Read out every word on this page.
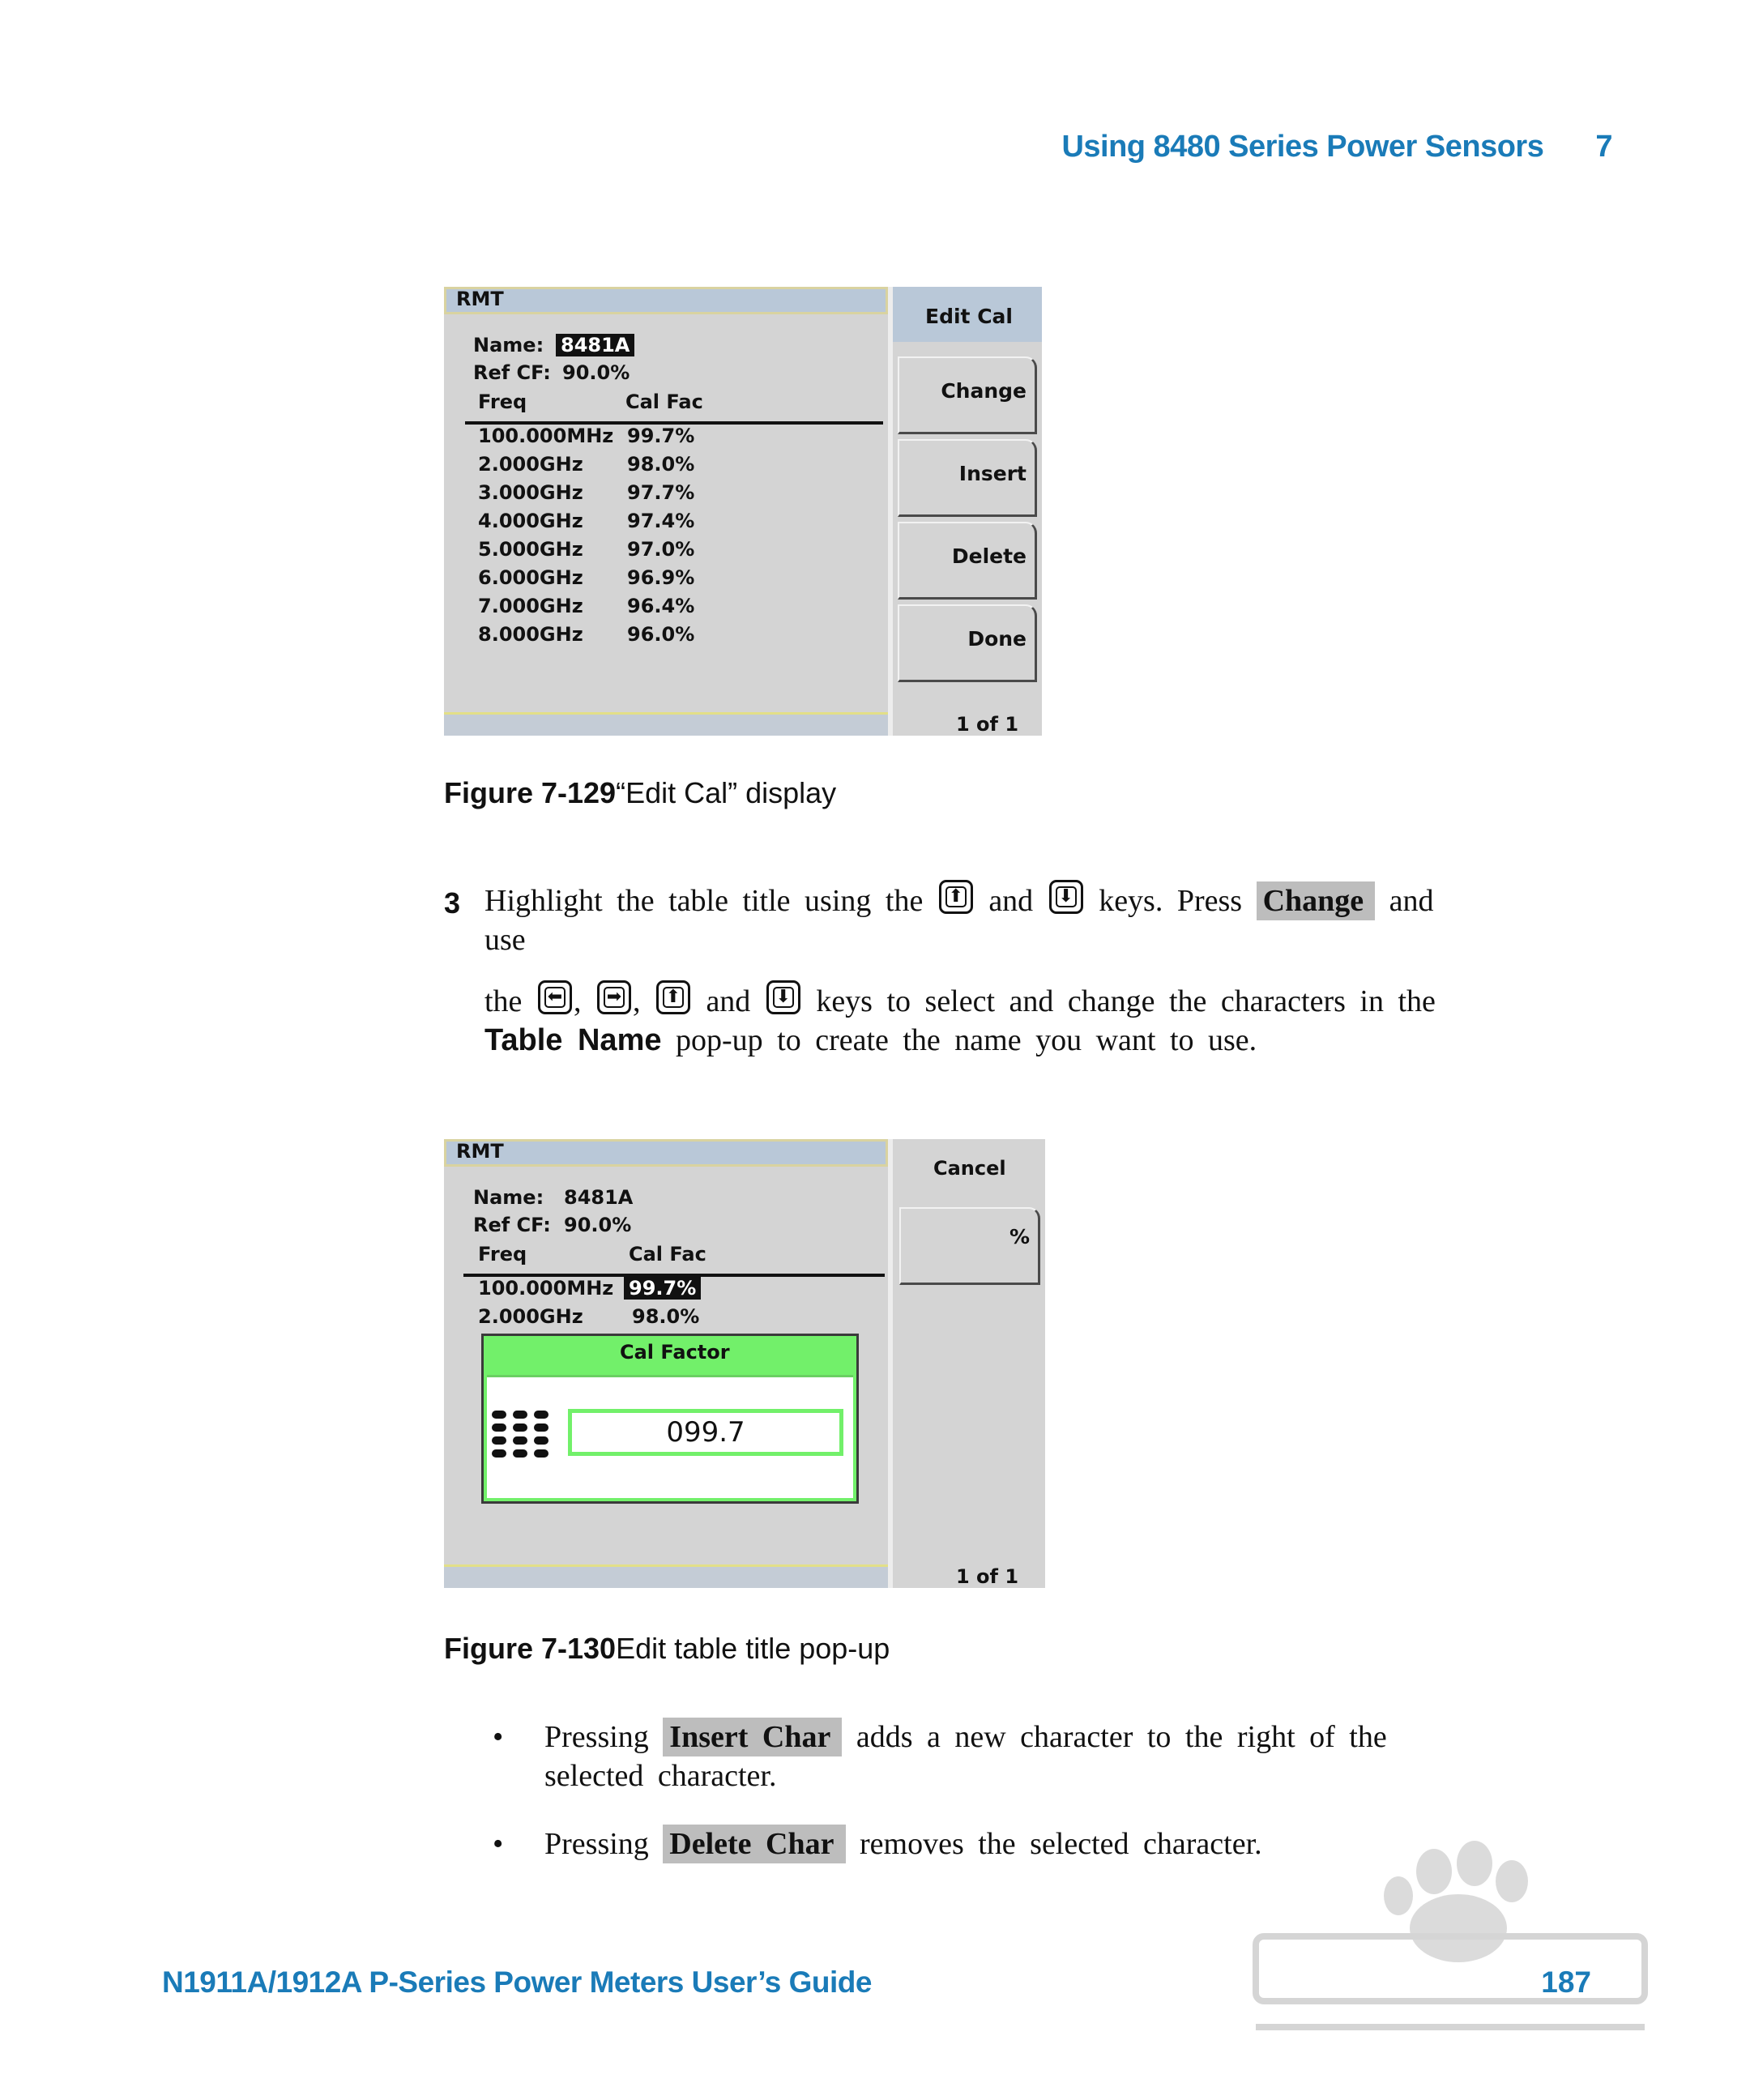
Using 8480 Series Power Sensors 7
RMT
Name: 8481A
Ref CF: 90.0%
Freq	Cal Fac
100.000MHz 99.7%
2.000GHz 98.0%
3.000GHz 97.7%
4.000GHz 97.4%
5.000GHz 97.0%
6.000GHz 96.9%
7.000GHz 96.4%
8.000GHz 96.0%
Edit Cal
Change
Insert
Delete
Done
1 of 1
Figure 7-129“Edit Cal” display
3 Highlight the table title using the ⬆ and ⬇ keys. Press Change and
use
the ⬅ , ➡ , ⬆ and ⬇ keys to select and change the characters in the
Table Name pop-up to create the name you want to use.
RMT
Name: 8481A
Ref CF: 90.0%
Freq	Cal Fac
100.000MHz 99.7%
2.000GHz	98.0%
Cal Factor
099.7
Cancel
%
1 of 1
Figure 7-130Edit table title pop-up
• Pressing Insert Char adds a new character to the right of the
selected character.
• Pressing Delete Char removes the selected character.
N1911A/1912A P-Series Power Meters User’s Guide	187
